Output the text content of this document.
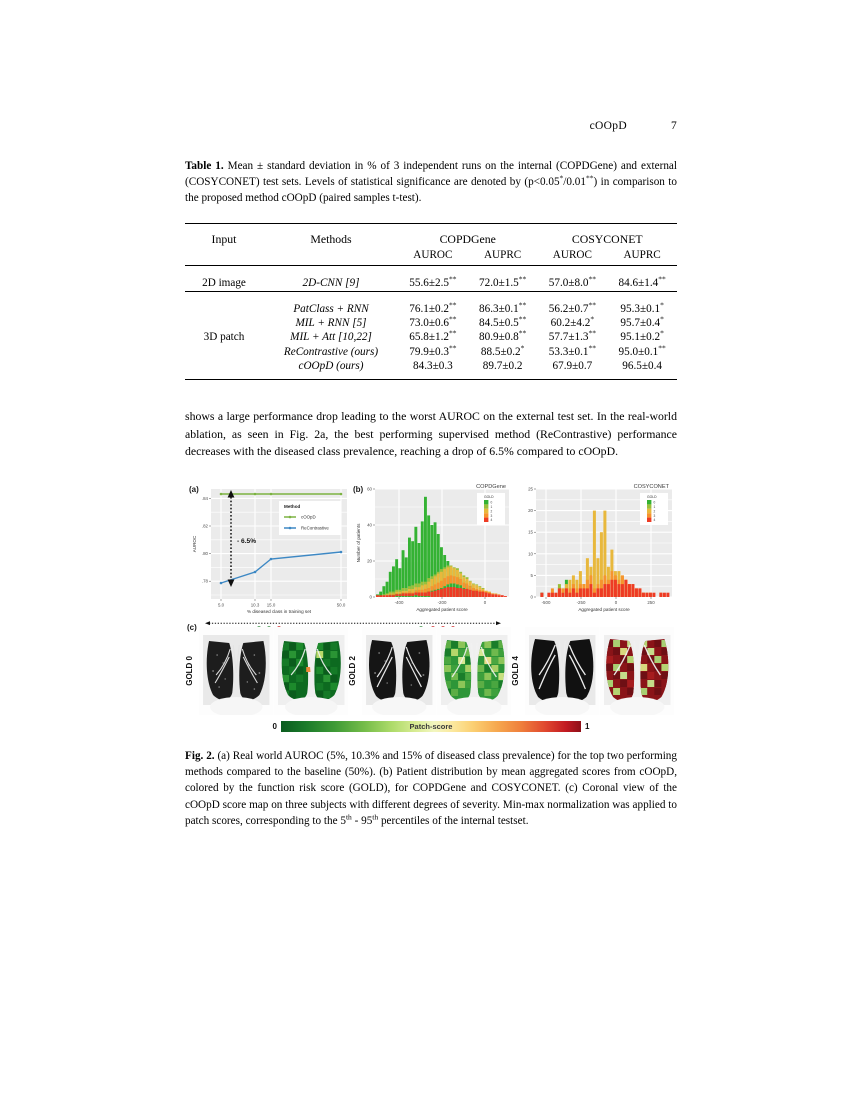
cOOpD	7
Table 1. Mean ± standard deviation in % of 3 independent runs on the internal (COPDGene) and external (COSYCONET) test sets. Levels of statistical significance are denoted by (p<0.05*/0.01**) in comparison to the proposed method cOOpD (paired samples t-test).

Input	Methods	COPDGene		COSYCONET	
		AUROC	AUPRC	AUROC	AUPRC

2D image	2D-CNN [9]	55.6±2.5**	72.0±1.5**	57.0±8.0**	84.6±1.4**

	PatClass + RNN	76.1±0.2**	86.3±0.1**	56.2±0.7**	95.3±0.1*
	MIL + RNN [5]	73.0±0.6**	84.5±0.5**	60.2±4.2*	95.7±0.4*
3D patch	MIL + Att [10,22]	65.8±1.2**	80.9±0.8**	57.7±1.3**	95.1±0.2*
	ReContrastive (ours)	79.9±0.3**	88.5±0.2*	53.3±0.1**	95.0±0.1**
	cOOpD (ours)	84.3±0.3	89.7±0.2	67.9±0.7	96.5±0.4

shows a large performance drop leading to the worst AUROC on the external test set. In the real-world ablation, as seen in Fig. 2a, the best performing supervised method (ReContrastive) performance decreases with the diseased class prevalence, reaching a drop of 6.5% compared to cOOpD.
(a)
.84
.82
.80
.78
5.0	10.3 15.0	50.0
% diseased class in training set
AUROC	- 6.5%
Method
cOOpD
ReContrastive
(b)
0
20
40
60
-400	-200	0
Aggregated patient score
Number of patients
COPDGene
GOLD
0
1
2
3
4
0
5
10
15
20
25
-500	-250	0	250
Aggregated patient score
COSYCONET
GOLD
0
1
2
3
4
(c)
GOLD 0	GOLD 2	GOLD 4
0	Patch-score	1
Fig. 2. (a) Real world AUROC (5%, 10.3% and 15% of diseased class prevalence) for the top two performing methods compared to the baseline (50%). (b) Patient distribution by mean aggregated scores from cOOpD, colored by the function risk score (GOLD), for COPDGene and COSYCONET. (c) Coronal view of the cOOpD score map on three subjects with different degrees of severity. Min-max normalization was applied to patch scores, corresponding to the 5th - 95th percentiles of the internal testset.
